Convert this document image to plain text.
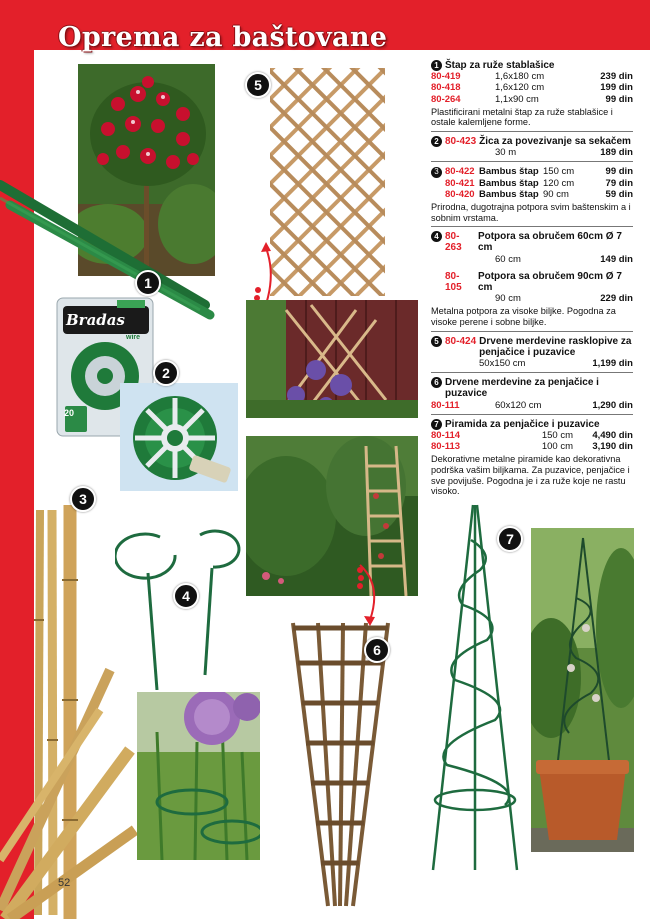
Oprema za baštovane
1
Bradas
wire
20
2
3
4
5
6
7
52
1 Štap za ruže stablašice
80-419	1,6x180 cm	239 din
80-418	1,6x120 cm	199 din
80-264	1,1x90 cm	99 din
Plastificirani metalni štap za ruže stablašice i ostale kalemljene forme.
2 80-423 Žica za povezivanje sa sekačem
30 m	189 din
3 80-422 Bambus štap 150 cm	99 din
80-421 Bambus štap 120 cm	79 din
80-420 Bambus štap 90 cm	59 din
Prirodna, dugotrajna potpora svim baštenskim a i sobnim vrstama.
4 80-263
Potpora sa obručem 60cm Ø 7 cm
60 cm	149 din
80-105
Potpora sa obručem 90cm Ø 7 cm
90 cm	229 din
Metalna potpora za visoke biljke. Pogodna za visoke perene i sobne biljke.
5 80-424 Drvene merdevine rasklopive za penjačice i puzavice
50x150 cm	1,199 din
6 Drvene merdevine za penjačice i puzavice
80-111	60x120 cm	1,290 din
7 Piramida za penjačice i puzavice
80-114	150 cm	4,490 din
80-113	100 cm	3,190 din
Dekorativne metalne piramide kao dekorativna podrška vašim biljkama. Za puzavice, penjačice i sve povijuše. Pogodna je i za ruže koje ne rastu visoko.
